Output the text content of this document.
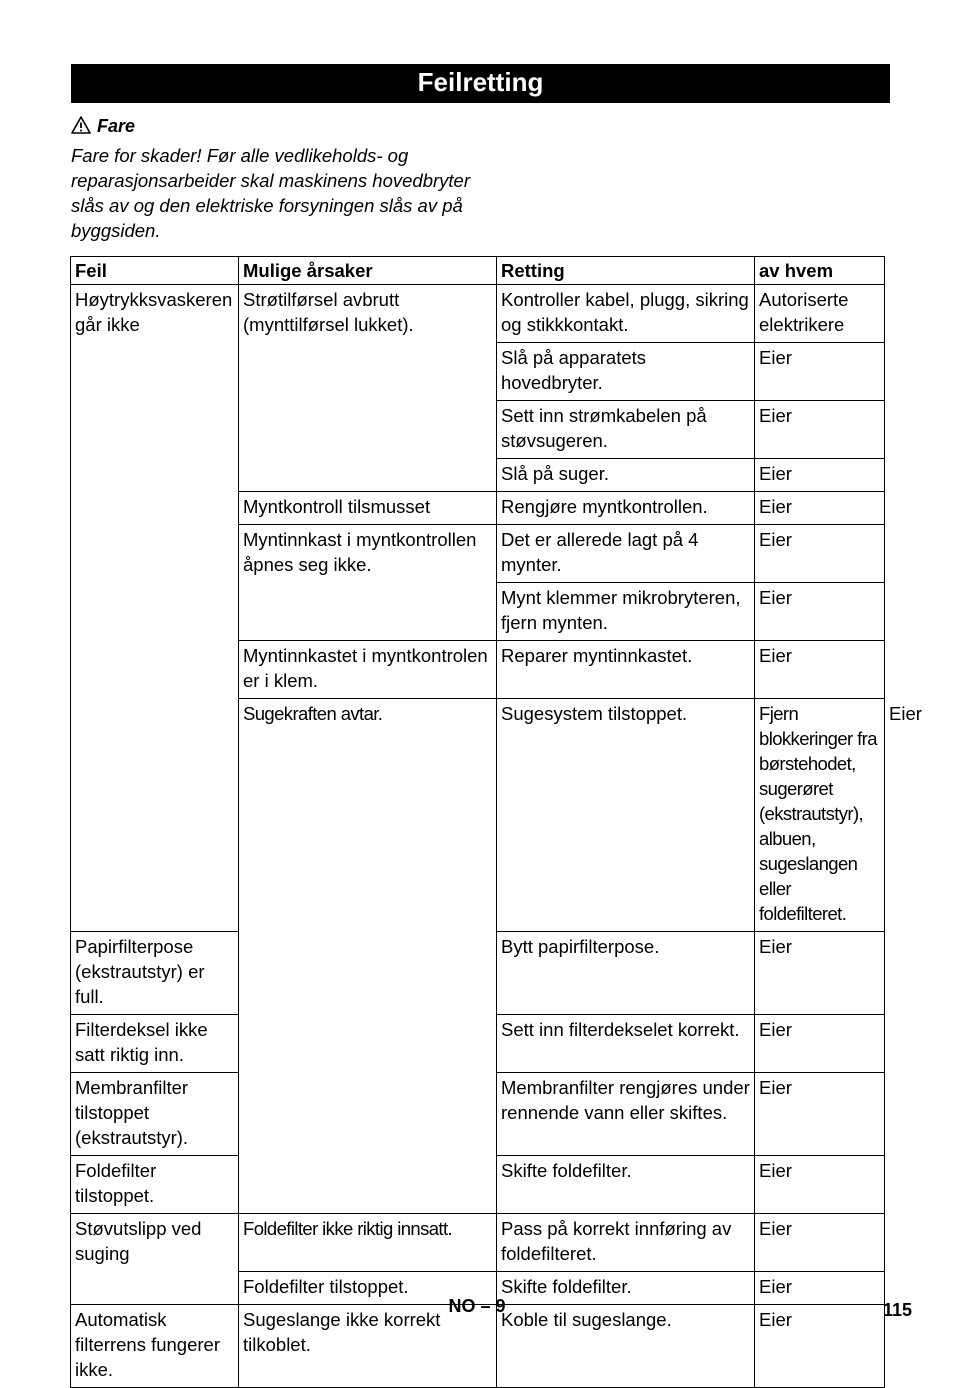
Feilretting
Fare
Fare for skader! Før alle vedlikeholds- og reparasjonsarbeider skal maskinens hovedbryter slås av og den elektriske forsyningen slås av på byggsiden.
Feil	Mulige årsaker	Retting	av hvem	
Høytrykksvaskeren går ikke	Strøtilførsel avbrutt (mynttilførsel lukket).	Kontroller kabel, plugg, sikring og stikkkontakt.	Autoriserte elektrikere	
		Slå på apparatets hovedbryter.	Eier	
		Sett inn strømkabelen på støvsugeren.	Eier	
		Slå på suger.	Eier	
	Myntkontroll tilsmusset	Rengjøre myntkontrollen.	Eier	
	Myntinnkast i myntkontrollen åpnes seg ikke.	Det er allerede lagt på 4 mynter.	Eier	
		Mynt klemmer mikrobryteren, fjern mynten.	Eier	
	Myntinnkastet i myntkontrolen er i klem.	Reparer myntinnkastet.	Eier	
	Sugekraften avtar.	Sugesystem tilstoppet.	Fjern blokkeringer fra børstehodet, sugerøret (ekstrautstyr), albuen, sugeslangen eller foldefilteret.	Eier
Papirfilterpose (ekstrautstyr) er full.		Bytt papirfilterpose.	Eier	
Filterdeksel ikke satt riktig inn.		Sett inn filterdekselet korrekt.	Eier	
Membranfilter tilstoppet (ekstrautstyr).		Membranfilter rengjøres under rennende vann eller skiftes.	Eier	
Foldefilter tilstoppet.		Skifte foldefilter.	Eier	
Støvutslipp ved suging	Foldefilter ikke riktig innsatt.	Pass på korrekt innføring av foldefilteret.	Eier	
	Foldefilter tilstoppet.	Skifte foldefilter.	Eier	
Automatisk filterrens fungerer ikke.	Sugeslange ikke korrekt tilkoblet.	Koble til sugeslange.	Eier	
NO – 9	115
